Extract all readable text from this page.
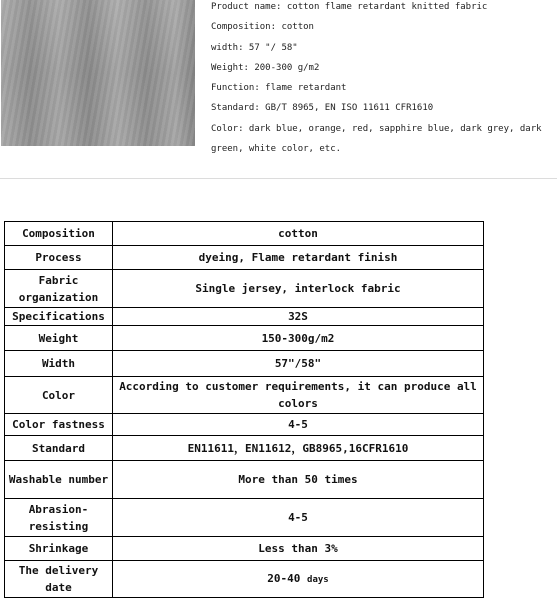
Product name: cotton flame retardant knitted fabric
Composition: cotton
width: 57 "/ 58"
Weight: 200-300 g/m2
Function: flame retardant
Standard: GB/T 8965, EN ISO 11611 CFR1610
Color: dark blue, orange, red, sapphire blue, dark grey, dark green, white color, etc.
Composition	cotton
Process	dyeing, Flame retardant finish
Fabric organization	Single jersey, interlock fabric
Specifications	32S
Weight	150-300g/m2
Width	57"/58"
Color	According to customer requirements, it can produce all colors
Color fastness	4-5
Standard	EN11611，EN11612，GB8965,16CFR1610
Washable number	More than 50 times
Abrasion-resisting	4-5
Shrinkage	Less than 3%
The delivery date	20-40 days
